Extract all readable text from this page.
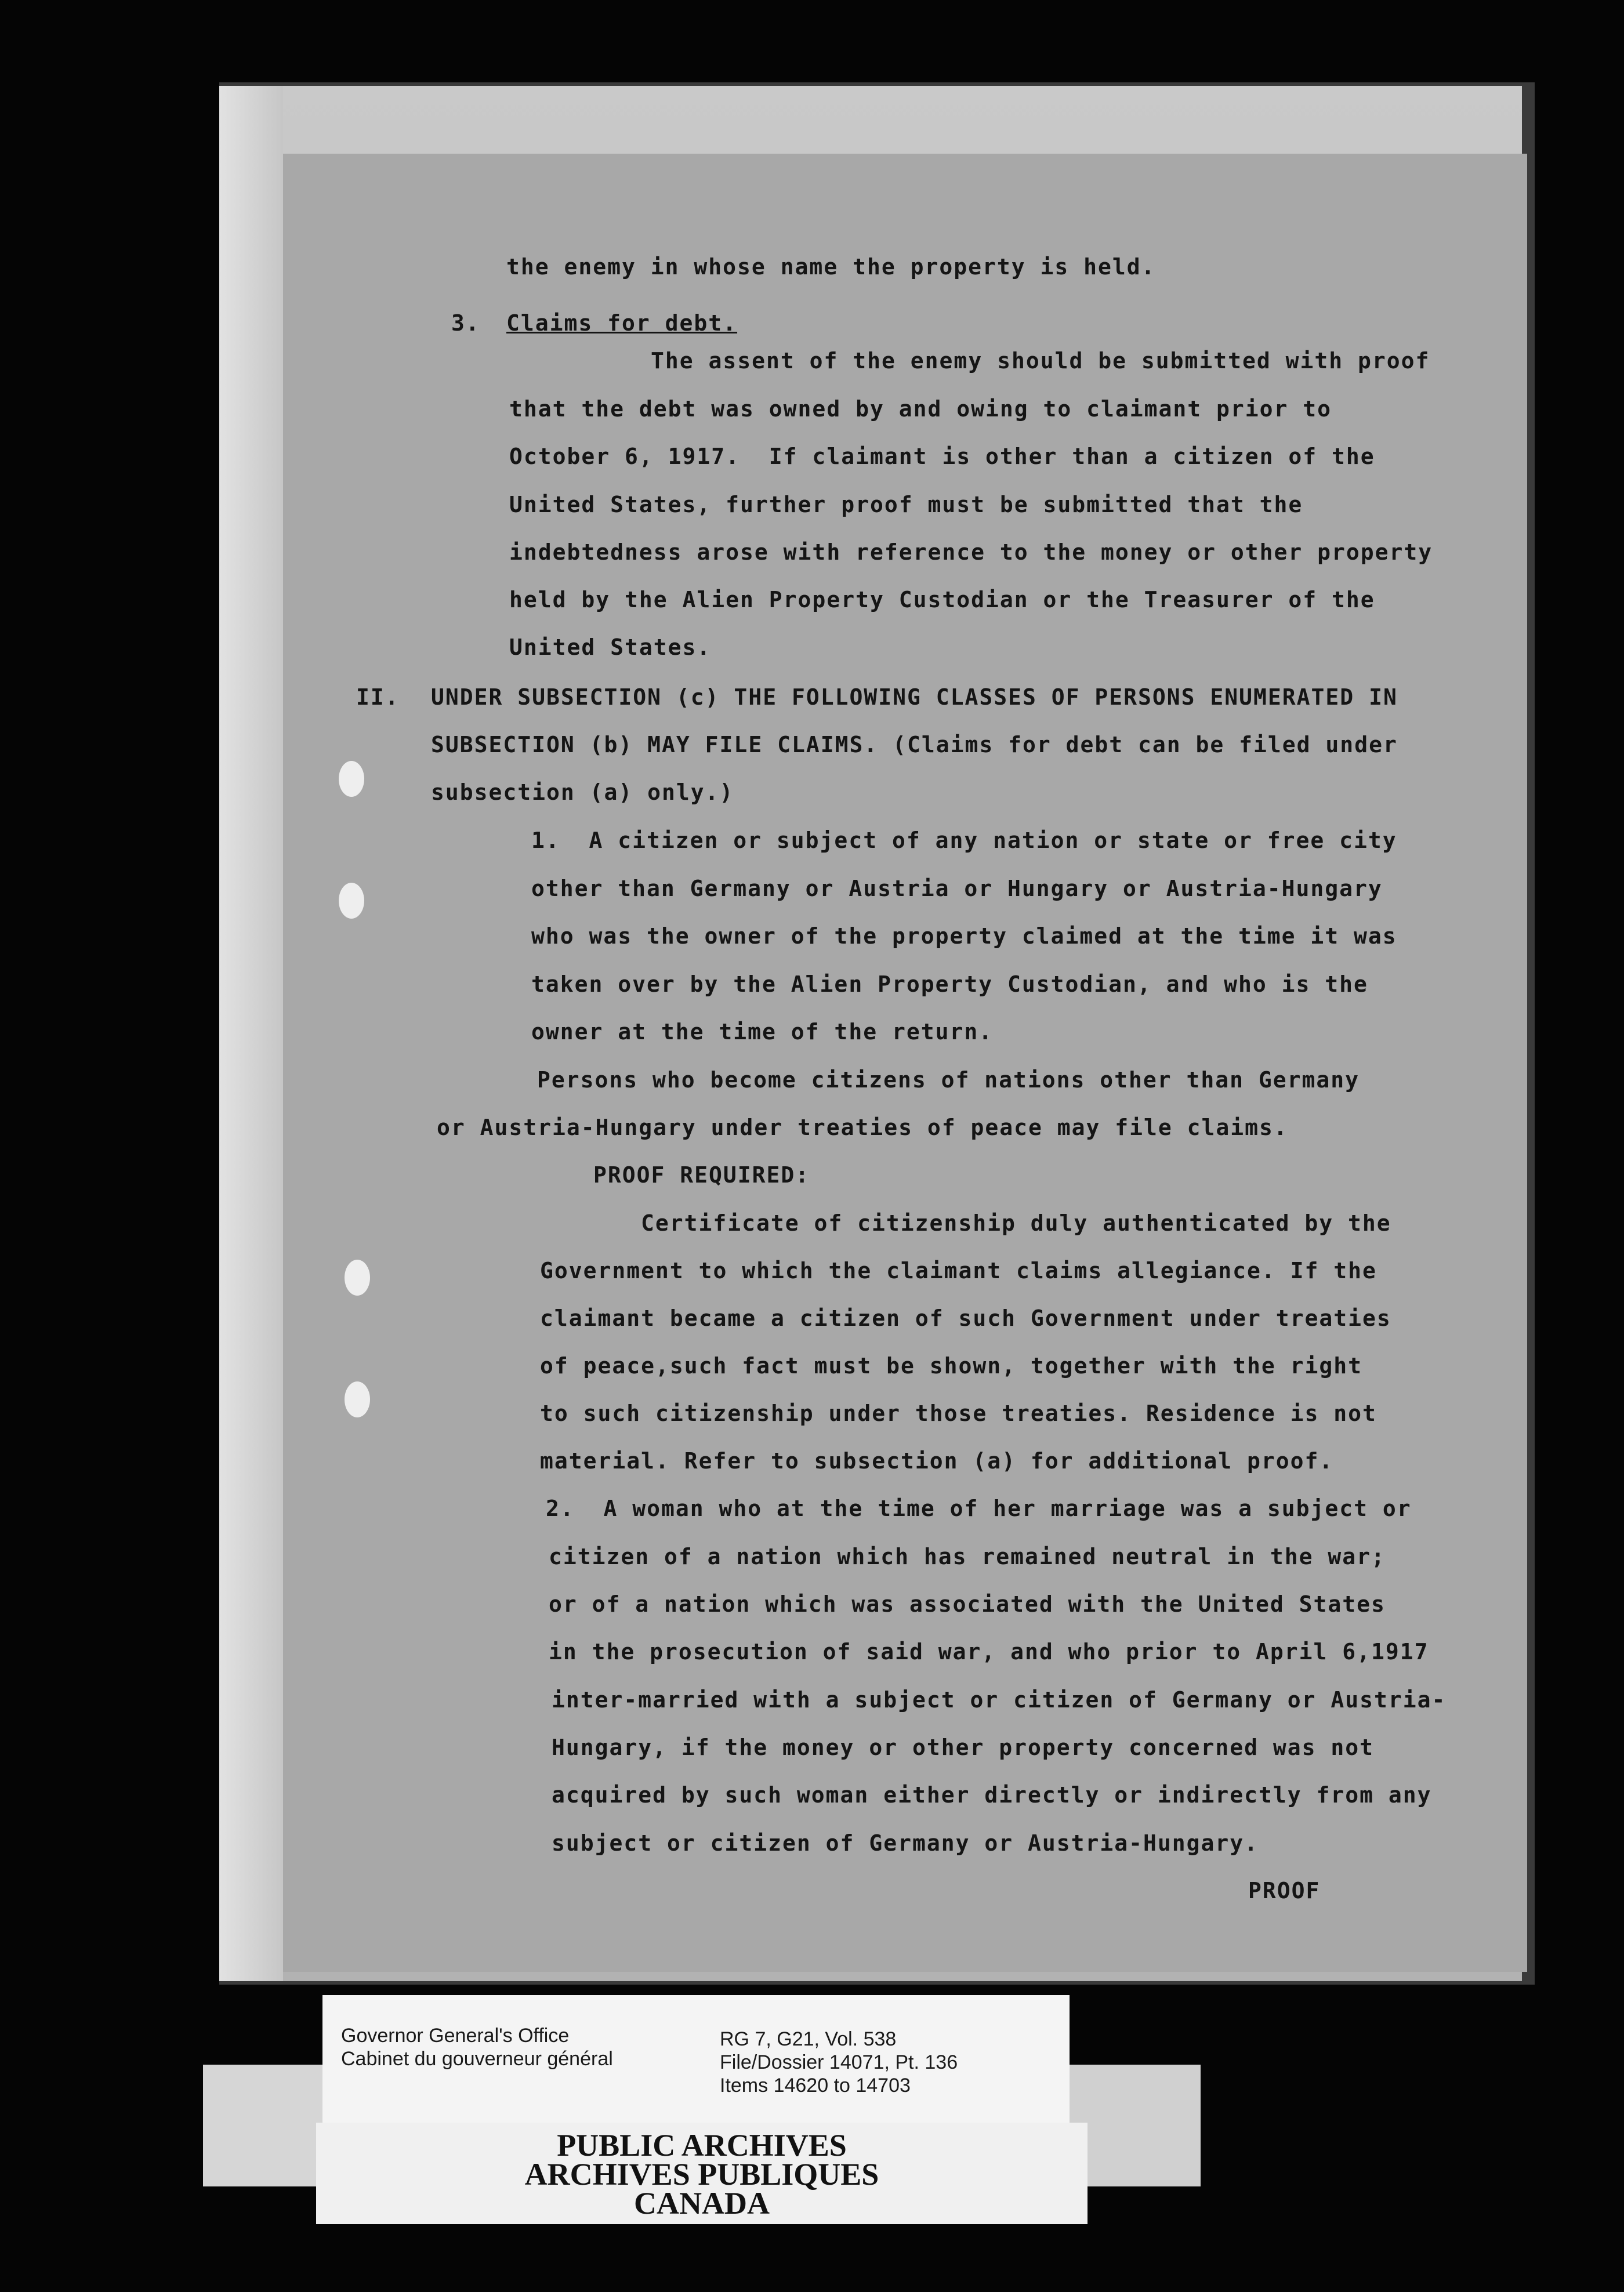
the enemy in whose name the property is held.
3. Claims for debt.
The assent of the enemy should be submitted with proof
that the debt was owned by and owing to claimant prior to
October 6, 1917.  If claimant is other than a citizen of the
United States, further proof must be submitted that the
indebtedness arose with reference to the money or other property
held by the Alien Property Custodian or the Treasurer of the
United States.
II. UNDER SUBSECTION (c) THE FOLLOWING CLASSES OF PERSONS ENUMERATED IN
SUBSECTION (b) MAY FILE CLAIMS. (Claims for debt can be filed under
subsection (a) only.)
1.  A citizen or subject of any nation or state or free city
other than Germany or Austria or Hungary or Austria-Hungary
who was the owner of the property claimed at the time it was
taken over by the Alien Property Custodian, and who is the
owner at the time of the return.
Persons who become citizens of nations other than Germany
or Austria-Hungary under treaties of peace may file claims.
PROOF REQUIRED:
Certificate of citizenship duly authenticated by the
Government to which the claimant claims allegiance. If the
claimant became a citizen of such Government under treaties
of peace,such fact must be shown, together with the right
to such citizenship under those treaties. Residence is not
material. Refer to subsection (a) for additional proof.
2.  A woman who at the time of her marriage was a subject or
citizen of a nation which has remained neutral in the war;
or of a nation which was associated with the United States
in the prosecution of said war, and who prior to April 6,1917
inter-married with a subject or citizen of Germany or Austria-
Hungary, if the money or other property concerned was not
acquired by such woman either directly or indirectly from any
subject or citizen of Germany or Austria-Hungary.
PROOF
Governor General's Office
Cabinet du gouverneur général
RG 7, G21, Vol. 538
File/Dossier 14071, Pt. 136
Items 14620 to 14703
PUBLIC ARCHIVES
ARCHIVES PUBLIQUES
CANADA
